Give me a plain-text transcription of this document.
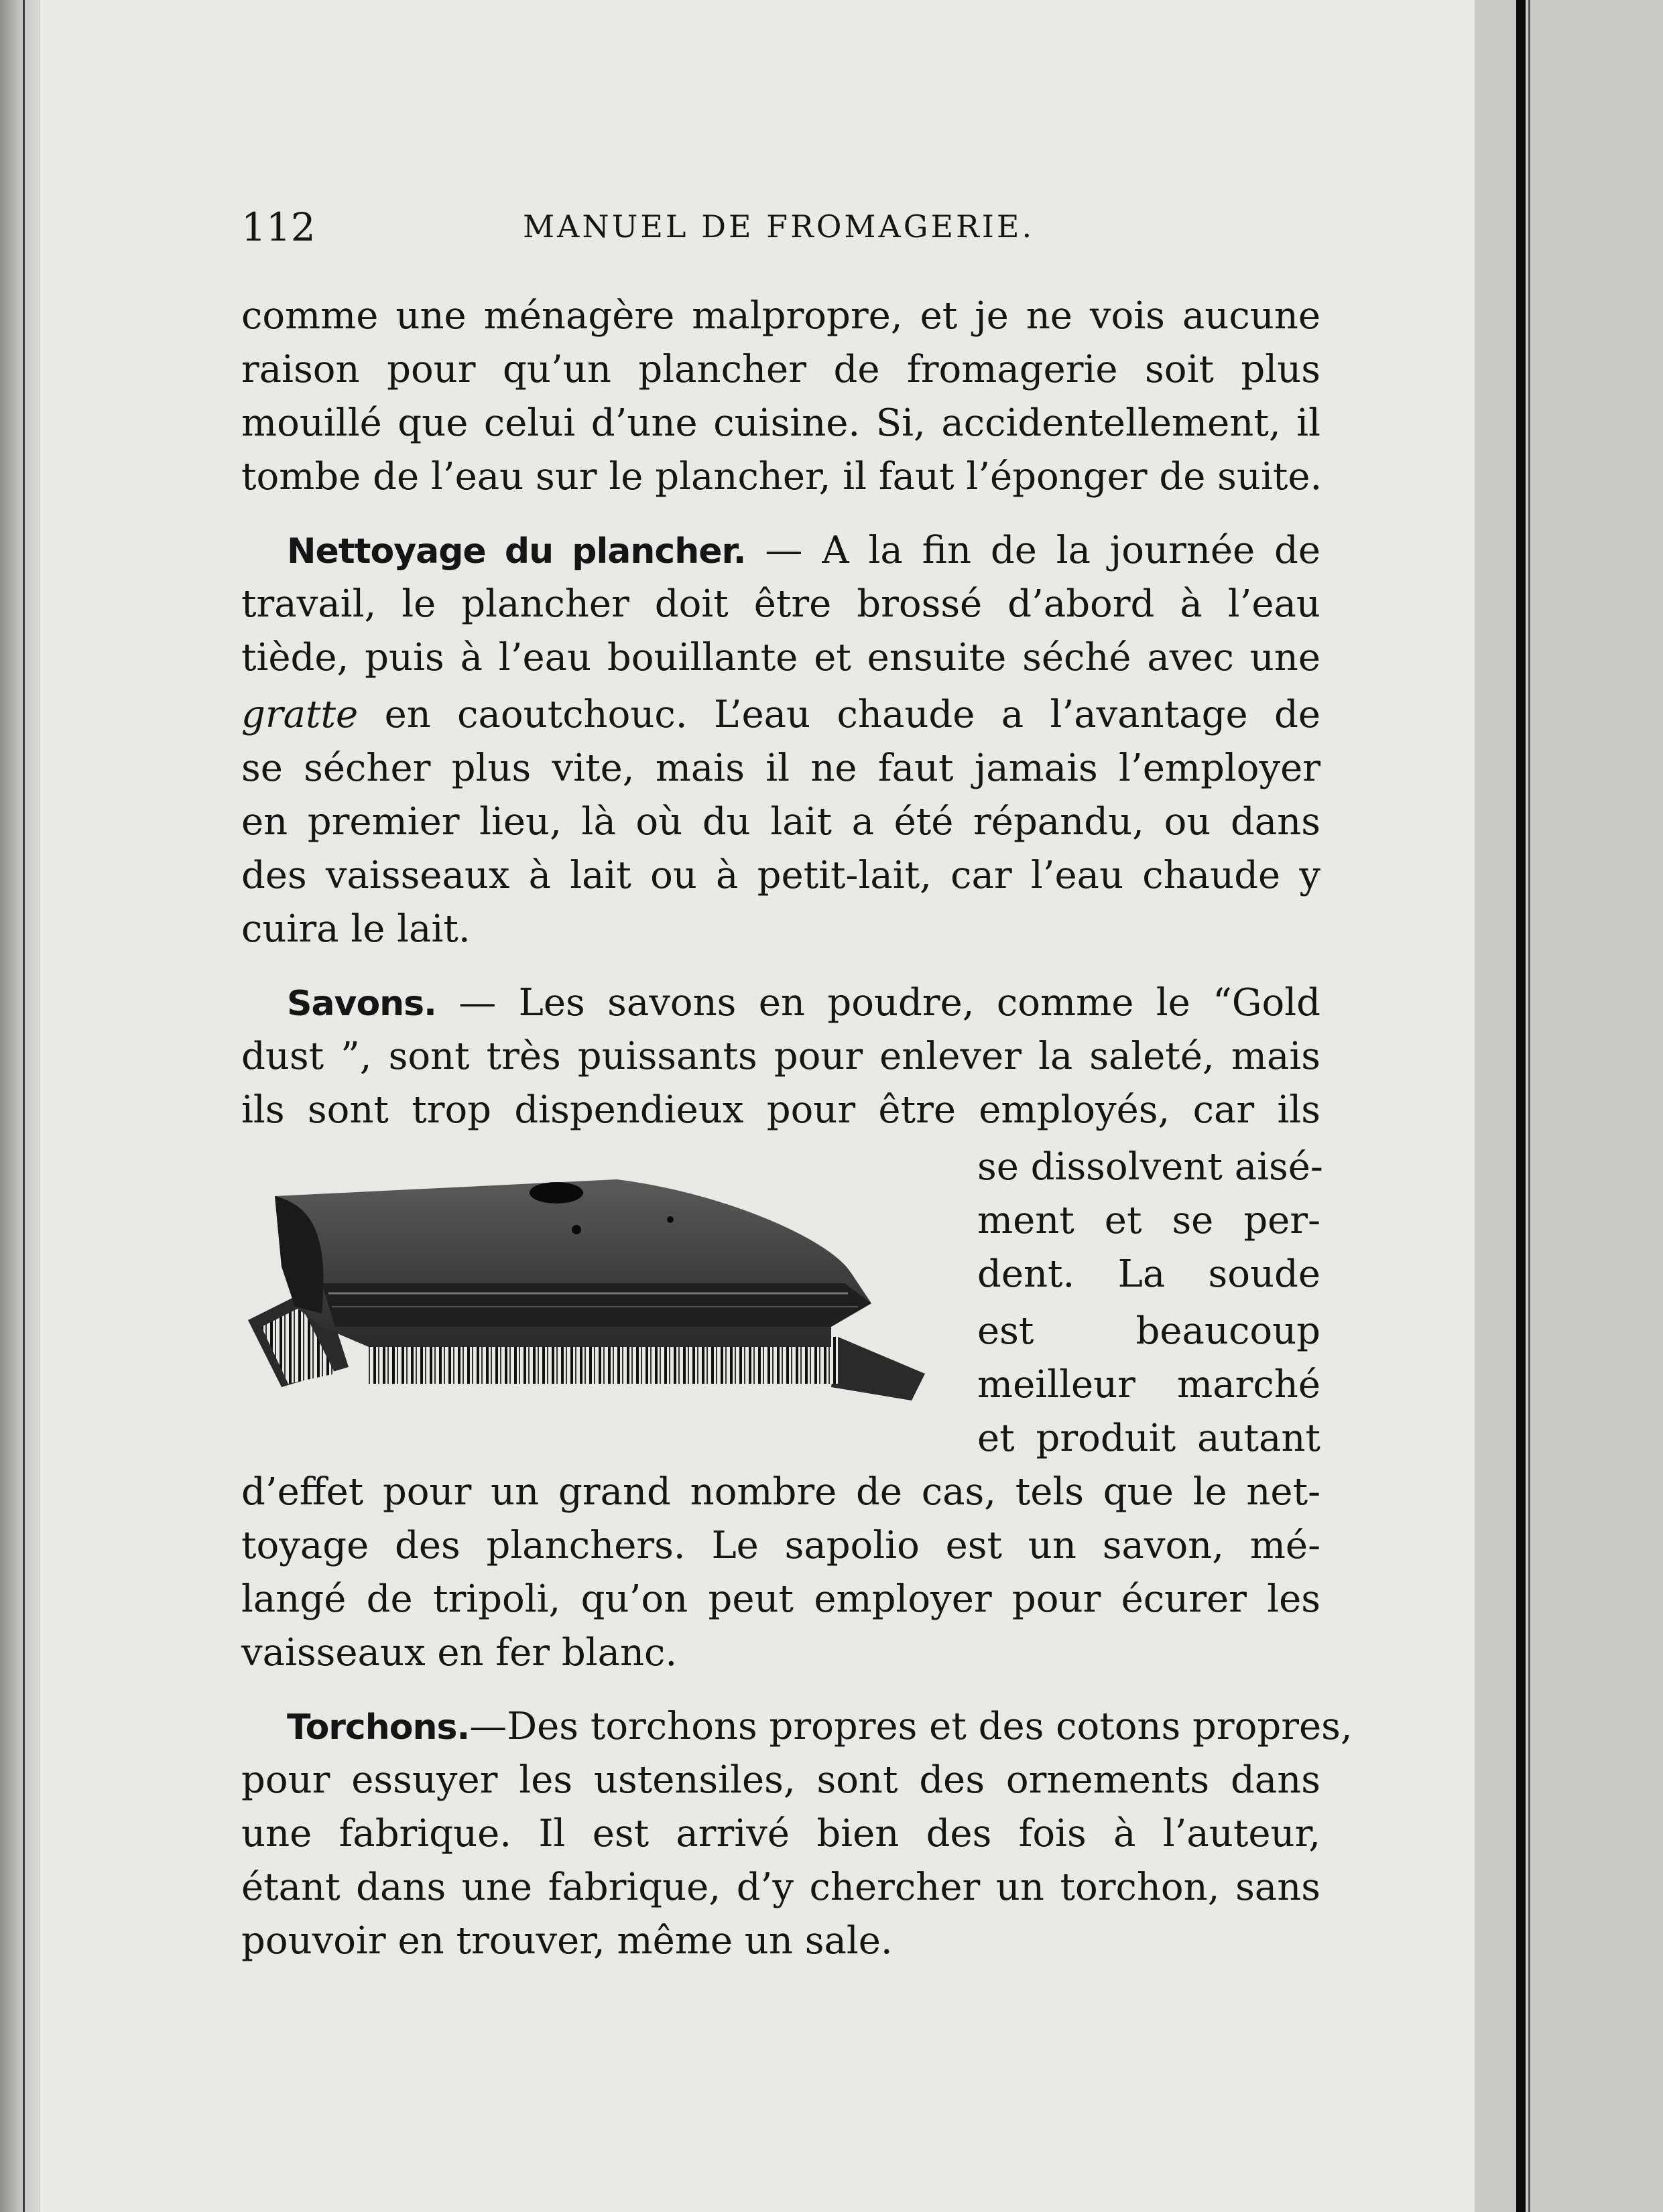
112	MANUEL DE FROMAGERIE.
comme une ménagère malpropre, et je ne vois aucune
raison pour qu’un plancher de fromagerie soit plus
mouillé que celui d’une cuisine. Si, accidentellement, il
tombe de l’eau sur le plancher, il faut l’éponger de suite.
Nettoyage du plancher. — A la fin de la journée de
travail, le plancher doit être brossé d’abord à l’eau
tiède, puis à l’eau bouillante et ensuite séché avec une
gratte en caoutchouc. L’eau chaude a l’avantage de
se sécher plus vite, mais il ne faut jamais l’employer
en premier lieu, là où du lait a été répandu, ou dans
des vaisseaux à lait ou à petit-lait, car l’eau chaude y
cuira le lait.
Savons. — Les savons en poudre, comme le “Gold
dust ”, sont très puissants pour enlever la saleté, mais
ils sont trop dispendieux pour être employés, car ils
se dissolvent aisé-
ment et se per-
dent. La soude
est beaucoup
meilleur marché
et produit autant
d’effet pour un grand nombre de cas, tels que le net-
toyage des planchers. Le sapolio est un savon, mé-
langé de tripoli, qu’on peut employer pour écurer les
vaisseaux en fer blanc.
Torchons.—Des torchons propres et des cotons propres,
pour essuyer les ustensiles, sont des ornements dans
une fabrique. Il est arrivé bien des fois à l’auteur,
étant dans une fabrique, d’y chercher un torchon, sans
pouvoir en trouver, même un sale.
